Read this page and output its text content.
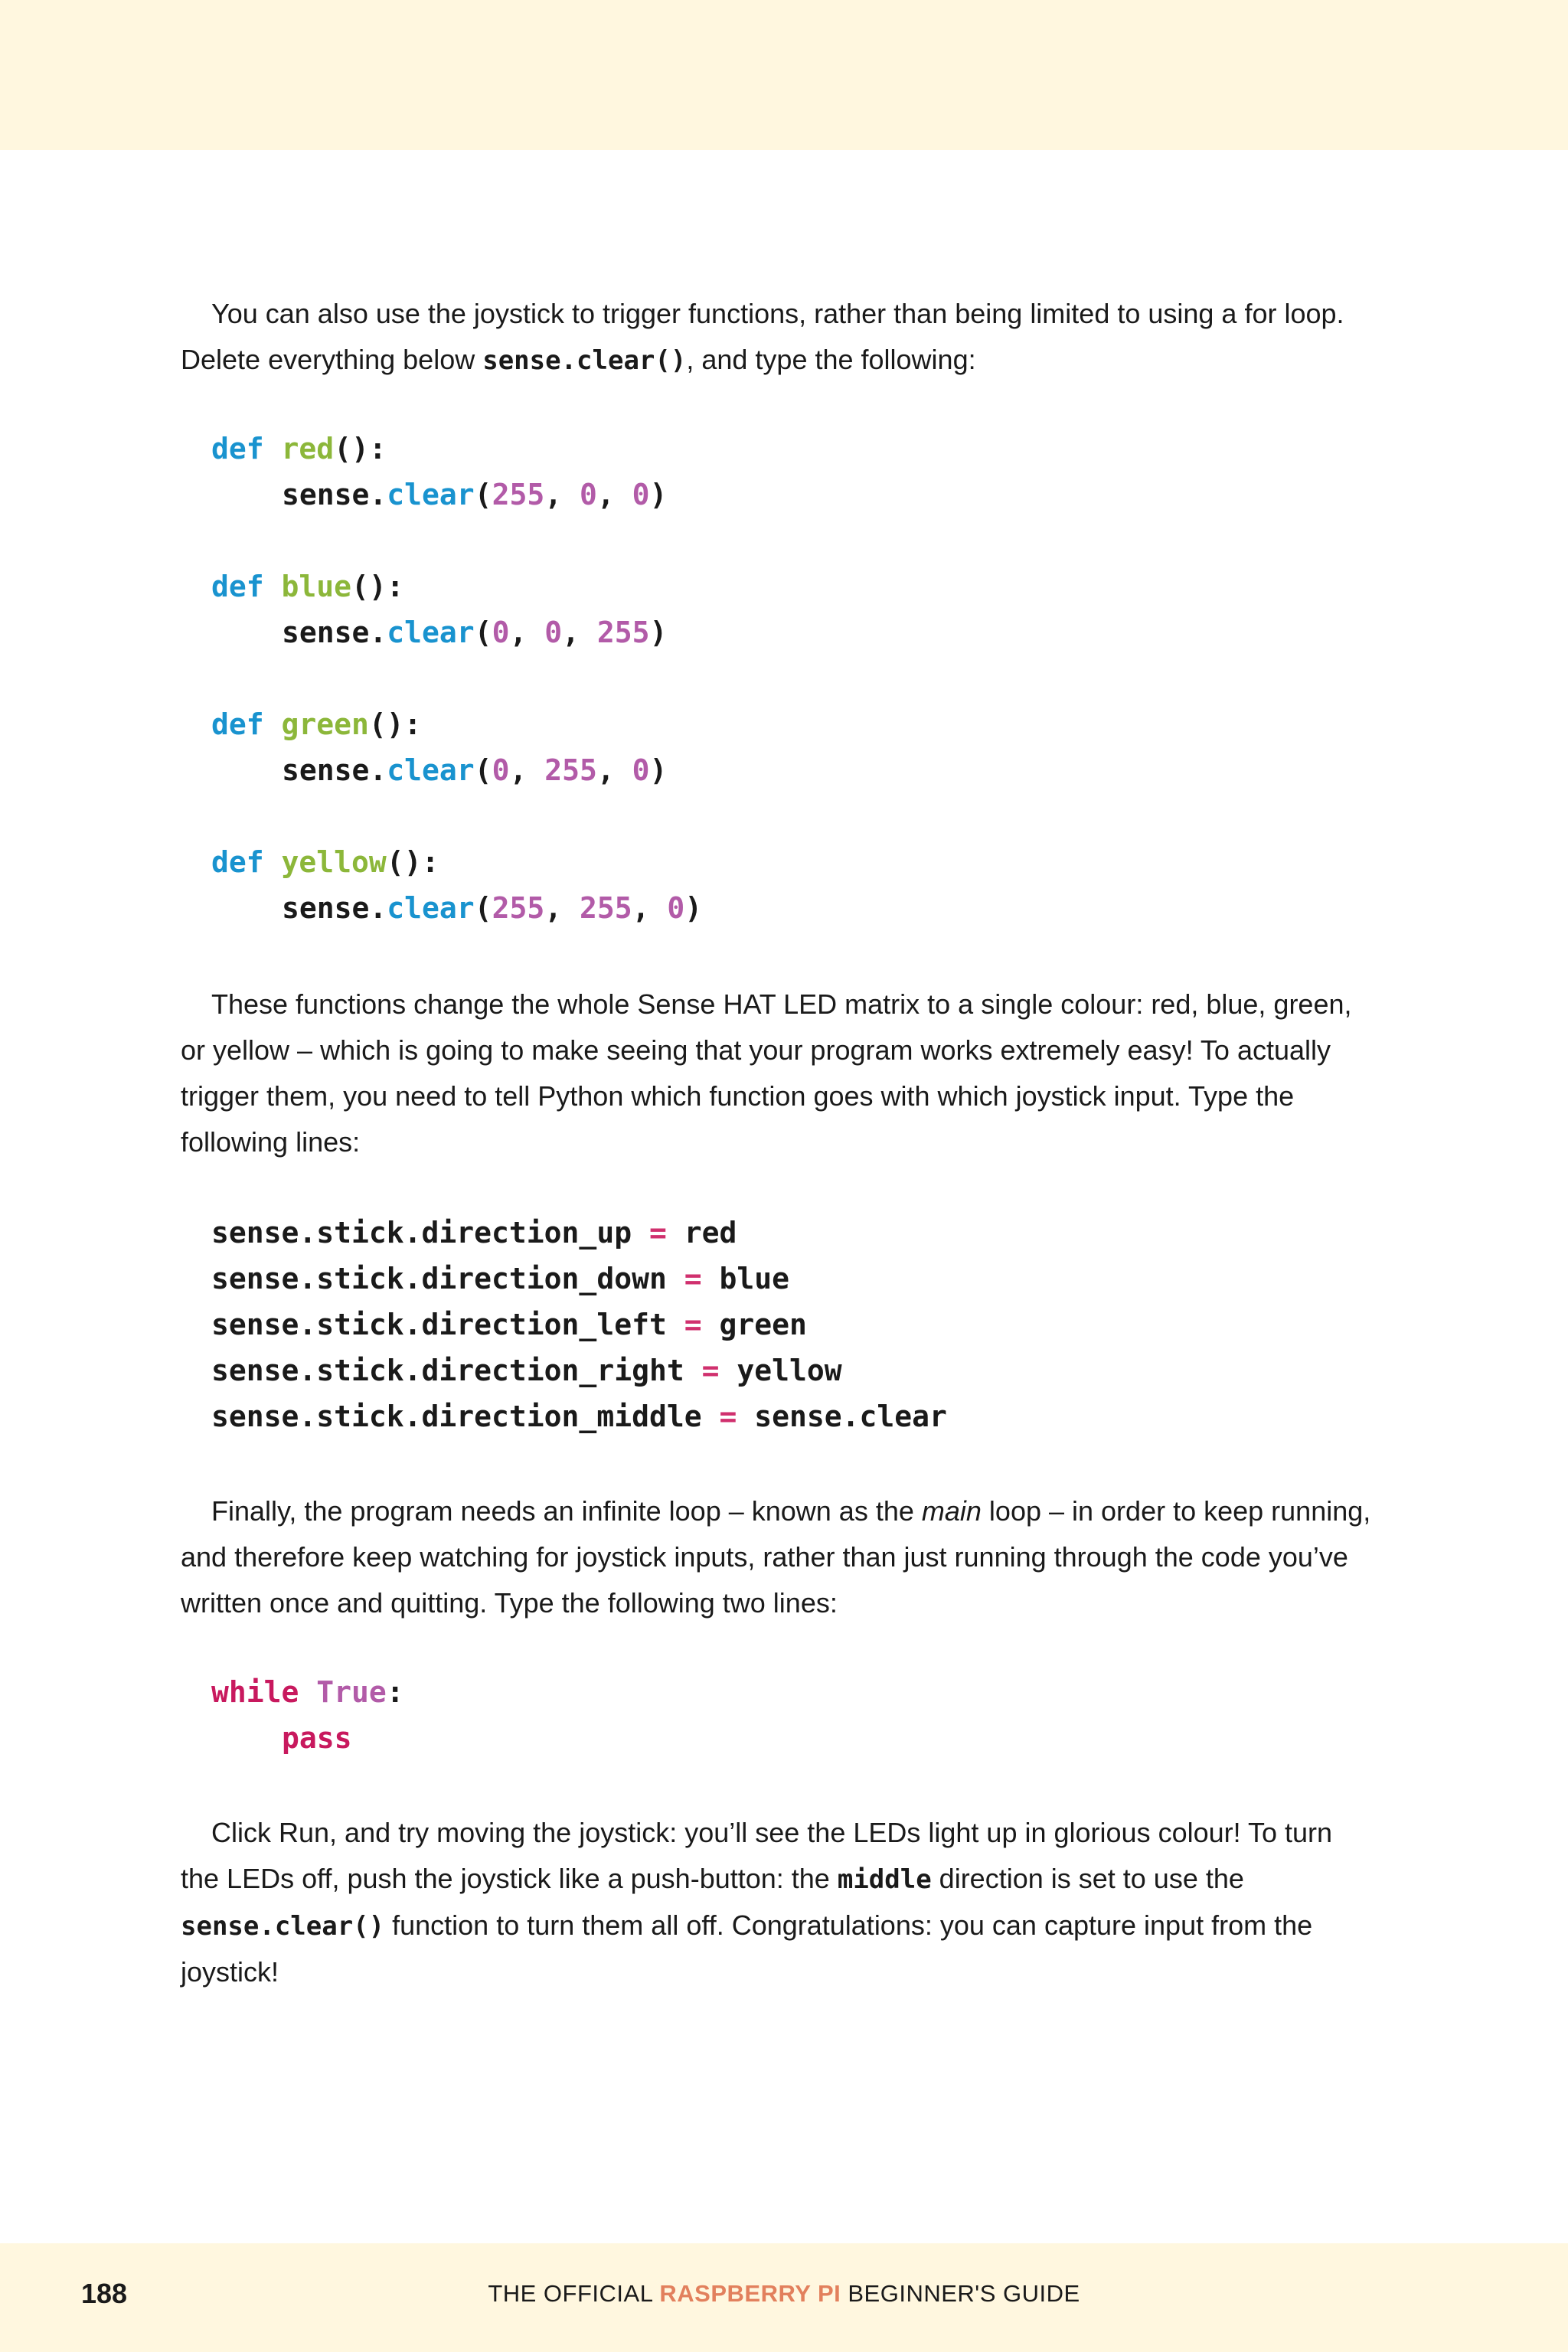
You can also use the joystick to trigger functions, rather than being limited to using a for loop. Delete everything below sense.clear(), and type the following:

def red():
sense.clear(255, 0, 0)

def blue():
sense.clear(0, 0, 255)

def green():
sense.clear(0, 255, 0)

def yellow():
sense.clear(255, 255, 0)

These functions change the whole Sense HAT LED matrix to a single colour: red, blue, green, or yellow – which is going to make seeing that your program works extremely easy! To actually trigger them, you need to tell Python which function goes with which joystick input. Type the following lines:

sense.stick.direction_up = red
sense.stick.direction_down = blue
sense.stick.direction_left = green
sense.stick.direction_right = yellow
sense.stick.direction_middle = sense.clear

Finally, the program needs an infinite loop – known as the main loop – in order to keep running, and therefore keep watching for joystick inputs, rather than just running through the code you’ve written once and quitting. Type the following two lines:

while True:
pass

Click Run, and try moving the joystick: you’ll see the LEDs light up in glorious colour! To turn the LEDs off, push the joystick like a push-button: the middle direction is set to use the sense.clear() function to turn them all off. Congratulations: you can capture input from the joystick!

188	THE OFFICIAL RASPBERRY PI BEGINNER'S GUIDE
